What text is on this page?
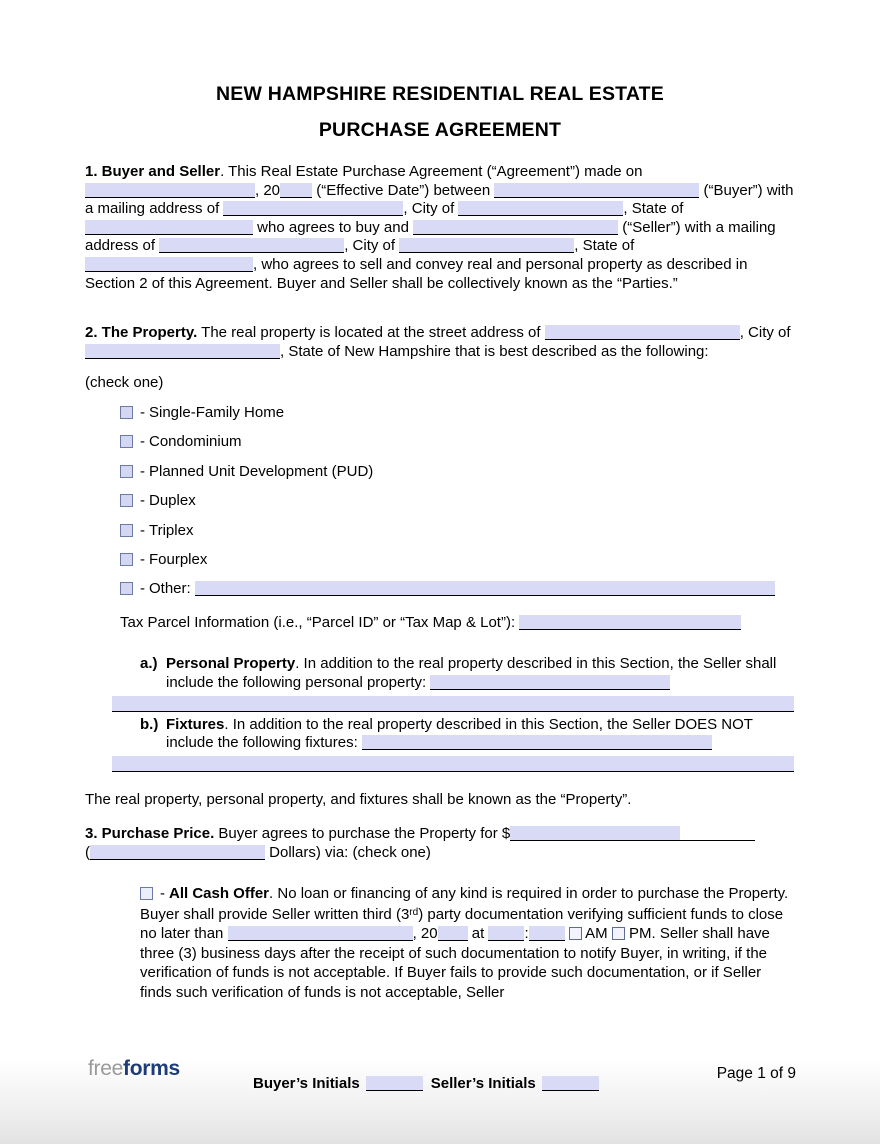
NEW HAMPSHIRE RESIDENTIAL REAL ESTATE
PURCHASE AGREEMENT

1. Buyer and Seller. This Real Estate Purchase Agreement (“Agreement”) made on , 20 (“Effective Date”) between	(“Buyer”) with a mailing address of	, City of	, State of  who agrees to buy and	(“Seller”) with a mailing address of	, City of	, State of , who agrees to sell and convey real and personal property as described in Section 2 of this Agreement. Buyer and Seller shall be collectively known as the “Parties.”

2. The Property. The real property is located at the street address of	, City of , State of New Hampshire that is best described as the following:

(check one)

- Single-Family Home
- Condominium
- Planned Unit Development (PUD)
- Duplex
- Triplex
- Fourplex
- Other:

Tax Parcel Information (i.e., “Parcel ID” or “Tax Map & Lot”):

a.) Personal Property. In addition to the real property described in this Section, the Seller shall include the following personal property:
b.) Fixtures. In addition to the real property described in this Section, the Seller DOES NOT include the following fixtures:

The real property, personal property, and fixtures shall be known as the “Property”.

3. Purchase Price. Buyer agrees to purchase the Property for $
(	Dollars) via: (check one)
- All Cash Offer. No loan or financing of any kind is required in order to purchase the Property. Buyer shall provide Seller written third (3rd) party documentation verifying sufficient funds to close no later than	, 20 at :	AM  PM. Seller shall have three (3) business days after the receipt of such documentation to notify Buyer, in writing, if the verification of funds is not acceptable. If Buyer fails to provide such documentation, or if Seller finds such verification of funds is not acceptable, Seller
freeforms
Buyer’s Initials	Seller’s Initials
Page 1 of 9
